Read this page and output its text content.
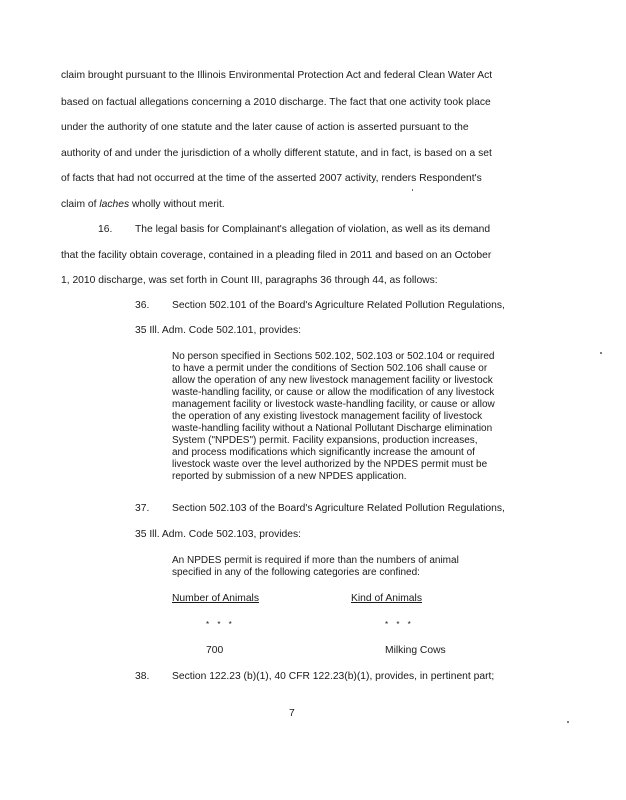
claim brought pursuant to the Illinois Environmental Protection Act and federal Clean Water Act
based on factual allegations concerning a 2010 discharge. The fact that one activity took place
under the authority of one statute and the later cause of action is asserted pursuant to the
authority of and under the jurisdiction of a wholly different statute, and in fact, is based on a set
of facts that had not occurred at the time of the asserted 2007 activity, renders Respondent's
claim of laches wholly without merit.
16. The legal basis for Complainant's allegation of violation, as well as its demand
that the facility obtain coverage, contained in a pleading filed in 2011 and based on an October
1, 2010 discharge, was set forth in Count III, paragraphs 36 through 44, as follows:
36. Section 502.101 of the Board's Agriculture Related Pollution Regulations,
35 Ill. Adm. Code 502.101, provides:
No person specified in Sections 502.102, 502.103 or 502.104 or required
to have a permit under the conditions of Section 502.106 shall cause or
allow the operation of any new livestock management facility or livestock
waste-handling facility, or cause or allow the modification of any livestock
management facility or livestock waste-handling facility, or cause or allow
the operation of any existing livestock management facility of livestock
waste-handling facility without a National Pollutant Discharge elimination
System ("NPDES") permit. Facility expansions, production increases,
and process modifications which significantly increase the amount of
livestock waste over the level authorized by the NPDES permit must be
reported by submission of a new NPDES application.
37. Section 502.103 of the Board's Agriculture Related Pollution Regulations,
35 Ill. Adm. Code 502.103, provides:
An NPDES permit is required if more than the numbers of animal
specified in any of the following categories are confined:
Number of Animals	Kind of Animals
* * *	* * *
700	Milking Cows
38. Section 122.23 (b)(1), 40 CFR 122.23(b)(1), provides, in pertinent part;
7
